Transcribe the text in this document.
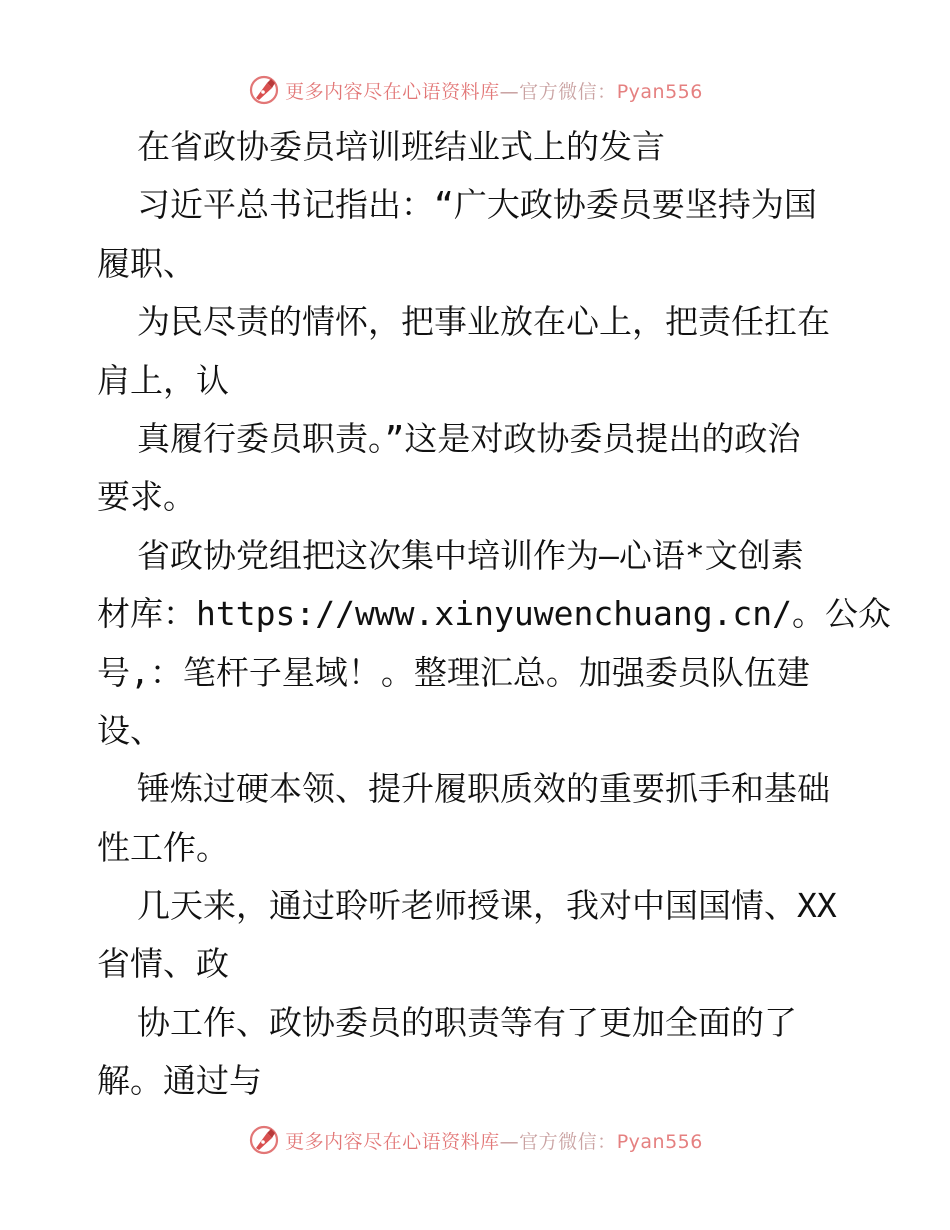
更多内容尽在心语资料库—官方微信：Pyan556
在省政协委员培训班结业式上的发言
习近平总书记指出：“广大政协委员要坚持为国
履职、
为民尽责的情怀，把事业放在心上，把责任扛在
肩上，认
真履行委员职责。”这是对政协委员提出的政治
要求。
省政协党组把这次集中培训作为—心语*文创素
材库：https://www.xinyuwenchuang.cn/。公众
号,：笔杆子星域！。整理汇总。加强委员队伍建
设、
锤炼过硬本领、提升履职质效的重要抓手和基础
性工作。
几天来，通过聆听老师授课，我对中国国情、XX
省情、政
协工作、政协委员的职责等有了更加全面的了
解。通过与
更多内容尽在心语资料库—官方微信：Pyan556
